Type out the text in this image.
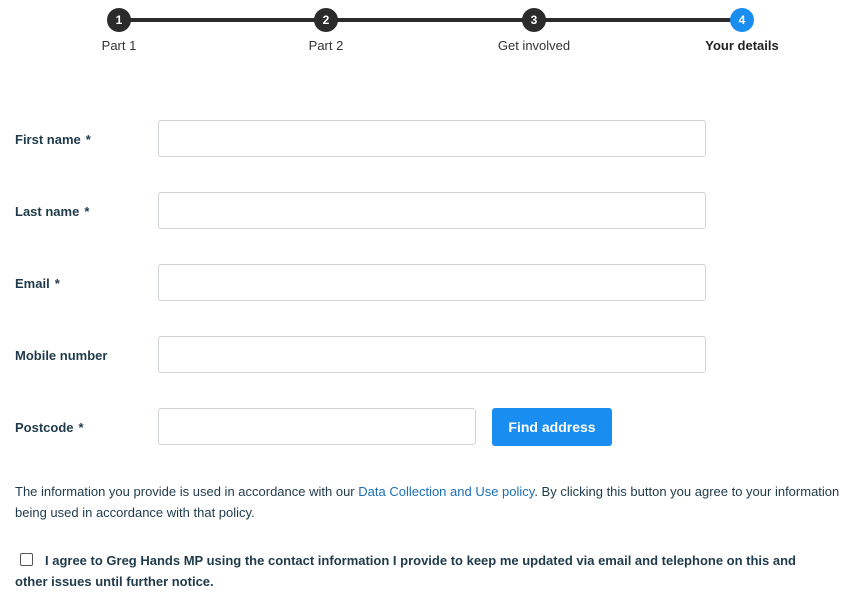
1
Part 1
2
Part 2
3
Get involved
4
Your details
First name *
Last name *
Email *
Mobile number
Postcode *	Find address

The information you provide is used in accordance with our Data Collection and Use policy. By clicking this button you agree to your information being used in accordance with that policy.

I agree to Greg Hands MP using the contact information I provide to keep me updated via email and telephone on this and other issues until further notice.
